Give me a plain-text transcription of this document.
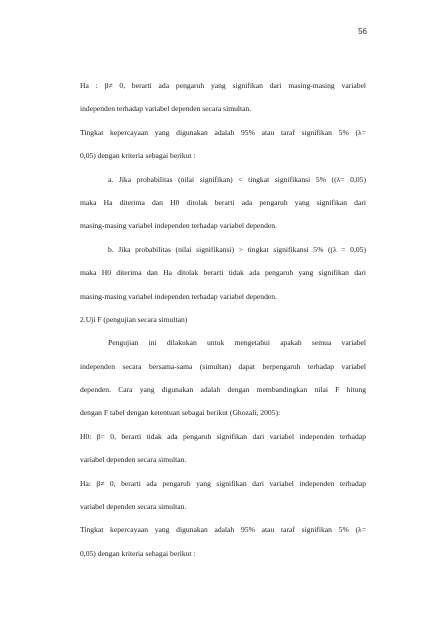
56
Ha : β≠ 0, berarti ada pengaruh yang signifikan dari masing-masing variabel
independen terhadap variabel dependen secara simultan.
Tingkat kepercayaan yang digunakan adalah 95% atau taraf signifikan 5% (λ=
0,05) dengan kriteria sebagai berikut :
a. Jika probabilitas (nilai signifikan) < tingkat signifikansi 5% ((λ= 0,05)
maka Ha diterima dan H0 ditolak berarti ada pengaruh yang signifikan dari
masing-masing variabel independen terhadap variabel dependen.
b. Jika probabilitas (nilai signifikansi) > tingkat signifikansi 5% ((λ = 0,05)
maka H0 diterima dan Ha ditolak berarti tidak ada pengaruh yang signifikan dari
masing-masing variabel independen terhadap variabel dependen.
2.Uji F (pengujian secara simultan)
Pengujian ini dilakukan untuk mengetahui apakah semua variabel
independen secara bersama-sama (simultan) dapat berpengaruh terhadap variabel
dependen. Cara yang digunakan adalah dengan membandingkan nilai F hitung
dengan F tabel dengan ketentuan sebagai berikut (Ghozali, 2005):
H0: β= 0, berarti tidak ada pengaruh signifikan dari variabel independen terhadap
variabel dependen secara simultan.
Ha: β≠ 0, berarti ada pengaruh yang signifikan dari variabel independen terhadap
variabel dependen secara simultan.
Tingkat kepercayaan yang digunakan adalah 95% atau taraf signifikan 5% (λ=
0,05) dengan kriteria sebagai berikut :
